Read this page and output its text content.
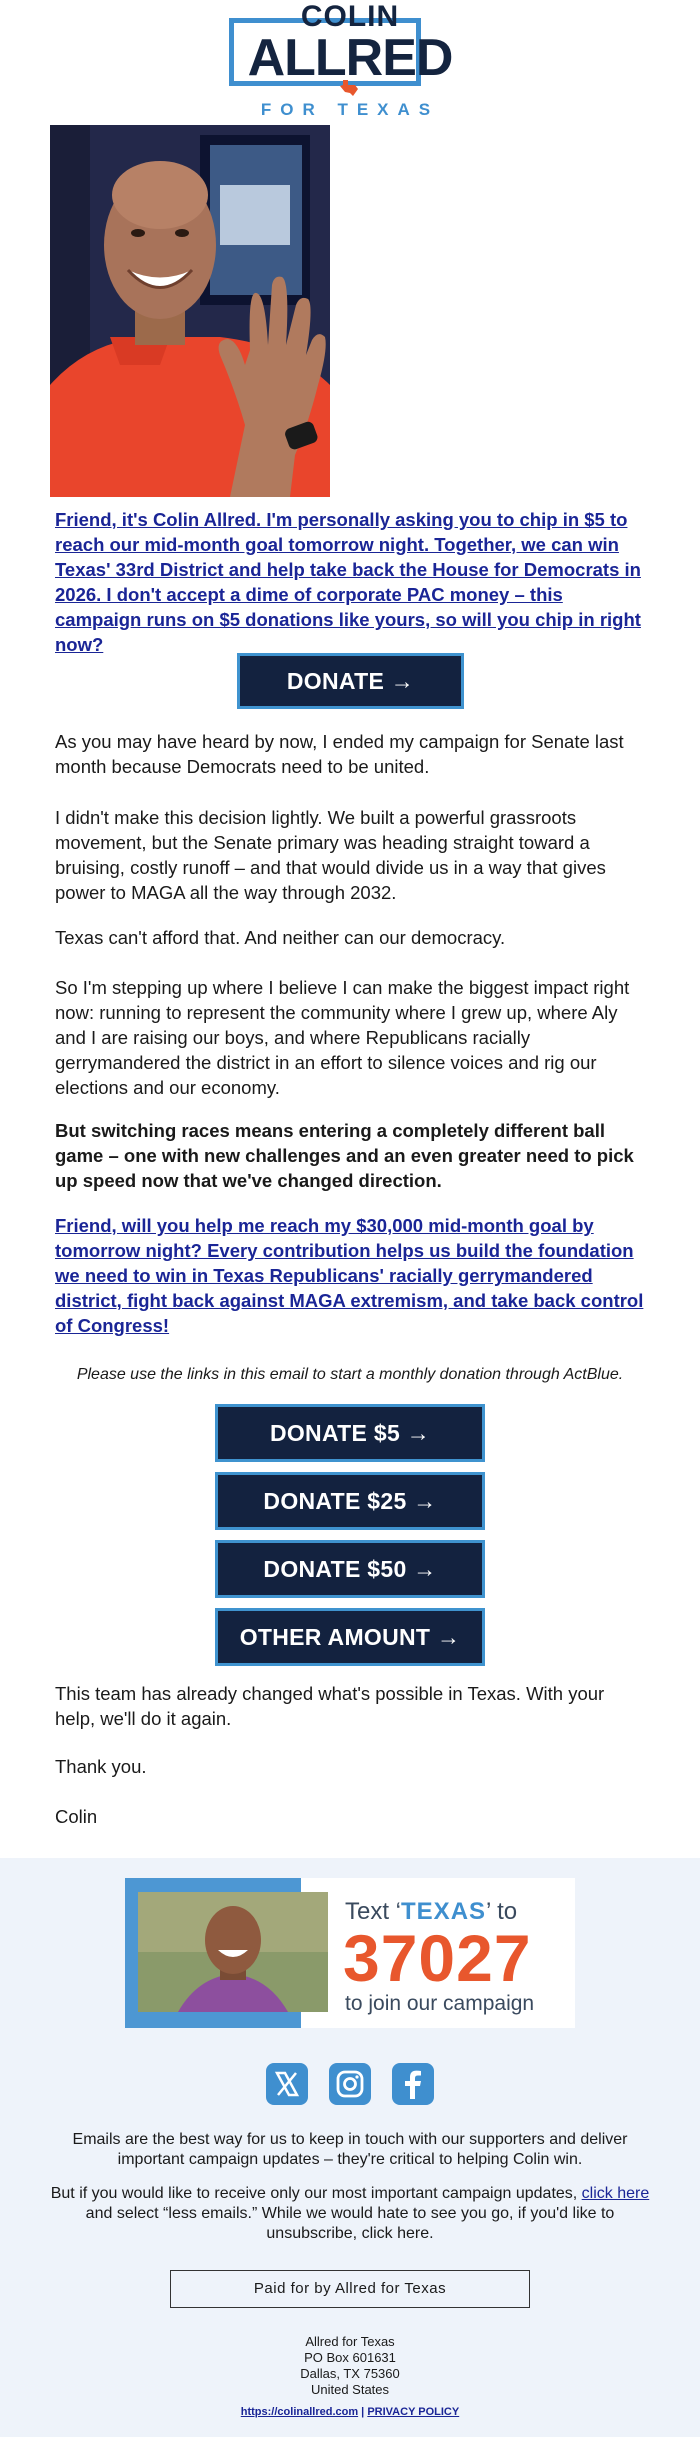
COLIN
ALLRED
FOR TEXAS

Friend, it's Colin Allred. I'm personally asking you to chip in $5 to reach our mid-month goal tomorrow night. Together, we can win Texas' 33rd District and help take back the House for Democrats in 2026. I don't accept a dime of corporate PAC money – this campaign runs on $5 donations like yours, so will you chip in right now?

DONATE →

As you may have heard by now, I ended my campaign for Senate last month because Democrats need to be united.

I didn't make this decision lightly. We built a powerful grassroots movement, but the Senate primary was heading straight toward a bruising, costly runoff – and that would divide us in a way that gives power to MAGA all the way through 2032.

Texas can't afford that. And neither can our democracy.

So I'm stepping up where I believe I can make the biggest impact right now: running to represent the community where I grew up, where Aly and I are raising our boys, and where Republicans racially gerrymandered the district in an effort to silence voices and rig our elections and our economy.

But switching races means entering a completely different ball game – one with new challenges and an even greater need to pick up speed now that we've changed direction.

Friend, will you help me reach my $30,000 mid-month goal by tomorrow night? Every contribution helps us build the foundation we need to win in Texas Republicans' racially gerrymandered district, fight back against MAGA extremism, and take back control of Congress!

Please use the links in this email to start a monthly donation through ActBlue.
DONATE $5 →
DONATE $25 →
DONATE $50 →
OTHER AMOUNT →

This team has already changed what's possible in Texas. With your help, we'll do it again.

Thank you.

Colin

Text ‘TEXAS’ to
37027
to join our campaign
Emails are the best way for us to keep in touch with our supporters and deliver important campaign updates – they're critical to helping Colin win.
But if you would like to receive only our most important campaign updates, click here and select “less emails.” While we would hate to see you go, if you'd like to unsubscribe, click here.
Paid for by Allred for Texas
Allred for Texas
PO Box 601631
Dallas, TX 75360
United States
https://colinallred.com | PRIVACY POLICY
